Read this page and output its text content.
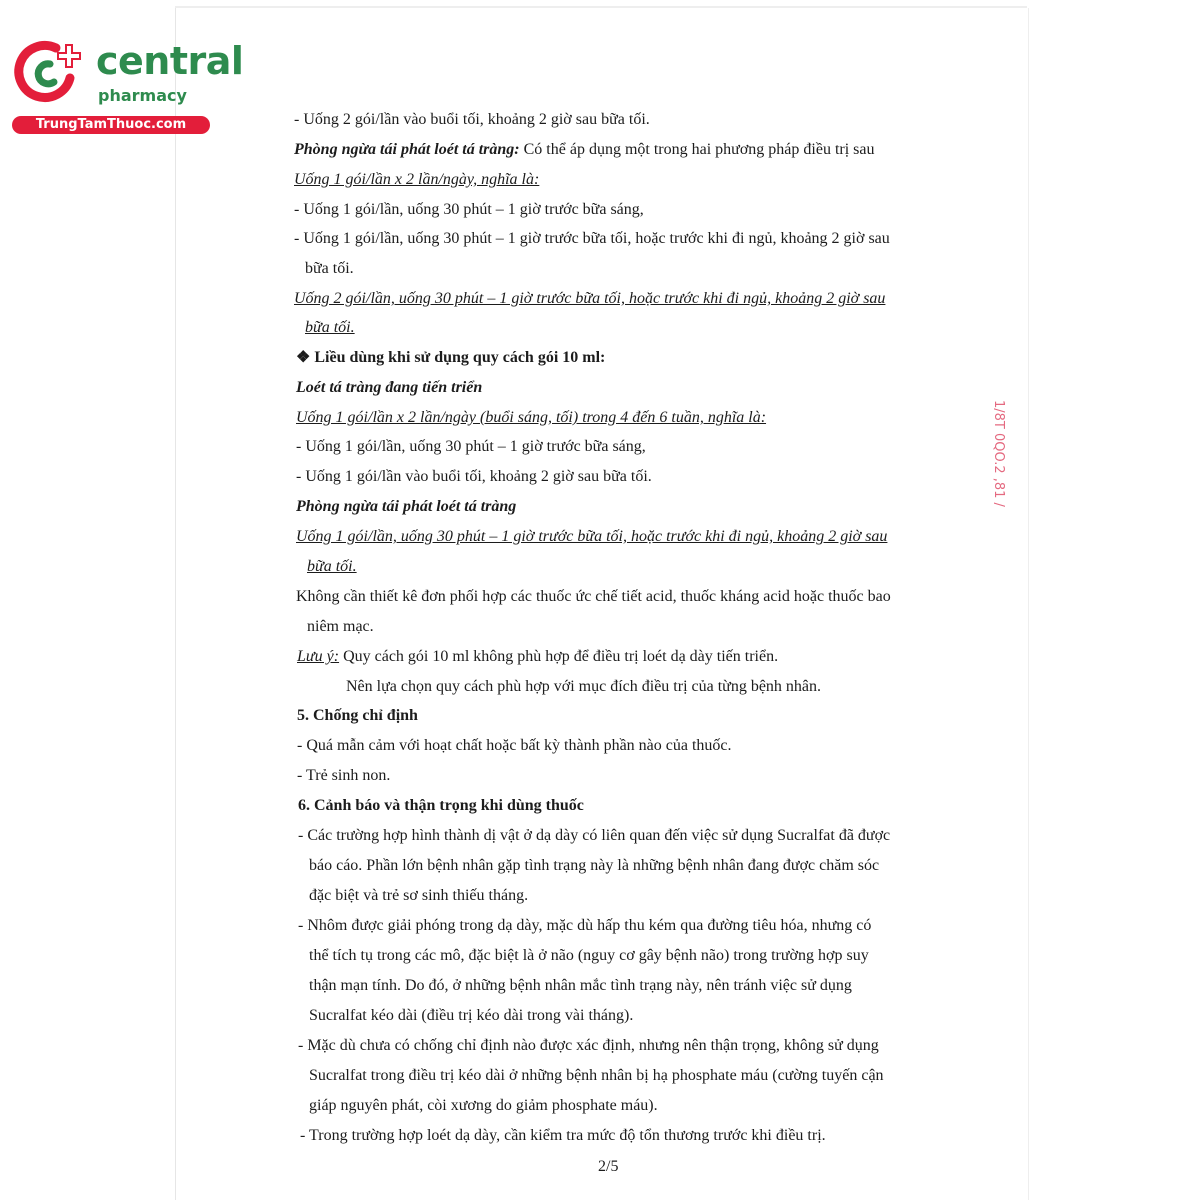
central
pharmacy
TrungTamThuoc.com
1/8T 0QO.2 ,81 /
- Uống 2 gói/lần vào buổi tối, khoảng 2 giờ sau bữa tối.
Phòng ngừa tái phát loét tá tràng: Có thể áp dụng một trong hai phương pháp điều trị sau
Uống 1 gói/lần x 2 lần/ngày, nghĩa là:
- Uống 1 gói/lần, uống 30 phút – 1 giờ trước bữa sáng,
- Uống 1 gói/lần, uống 30 phút – 1 giờ trước bữa tối, hoặc trước khi đi ngủ, khoảng 2 giờ sau
bữa tối.
Uống 2 gói/lần, uống 30 phút – 1 giờ trước bữa tối, hoặc trước khi đi ngủ, khoảng 2 giờ sau
bữa tối.
❖ Liều dùng khi sử dụng quy cách gói 10 ml:
Loét tá tràng đang tiến triển
Uống 1 gói/lần x 2 lần/ngày (buổi sáng, tối) trong 4 đến 6 tuần, nghĩa là:
- Uống 1 gói/lần, uống 30 phút – 1 giờ trước bữa sáng,
- Uống 1 gói/lần vào buổi tối, khoảng 2 giờ sau bữa tối.
Phòng ngừa tái phát loét tá tràng
Uống 1 gói/lần, uống 30 phút – 1 giờ trước bữa tối, hoặc trước khi đi ngủ, khoảng 2 giờ sau
bữa tối.
Không cần thiết kê đơn phối hợp các thuốc ức chế tiết acid, thuốc kháng acid hoặc thuốc bao
niêm mạc.
Lưu ý: Quy cách gói 10 ml không phù hợp để điều trị loét dạ dày tiến triển.
Nên lựa chọn quy cách phù hợp với mục đích điều trị của từng bệnh nhân.
5. Chống chỉ định
- Quá mẫn cảm với hoạt chất hoặc bất kỳ thành phần nào của thuốc.
- Trẻ sinh non.
6. Cảnh báo và thận trọng khi dùng thuốc
- Các trường hợp hình thành dị vật ở dạ dày có liên quan đến việc sử dụng Sucralfat đã được
báo cáo. Phần lớn bệnh nhân gặp tình trạng này là những bệnh nhân đang được chăm sóc
đặc biệt và trẻ sơ sinh thiếu tháng.
- Nhôm được giải phóng trong dạ dày, mặc dù hấp thu kém qua đường tiêu hóa, nhưng có
thể tích tụ trong các mô, đặc biệt là ở não (nguy cơ gây bệnh não) trong trường hợp suy
thận mạn tính. Do đó, ở những bệnh nhân mắc tình trạng này, nên tránh việc sử dụng
Sucralfat kéo dài (điều trị kéo dài trong vài tháng).
- Mặc dù chưa có chống chỉ định nào được xác định, nhưng nên thận trọng, không sử dụng
Sucralfat trong điều trị kéo dài ở những bệnh nhân bị hạ phosphate máu (cường tuyến cận
giáp nguyên phát, còi xương do giảm phosphate máu).
- Trong trường hợp loét dạ dày, cần kiểm tra mức độ tổn thương trước khi điều trị.
2/5
